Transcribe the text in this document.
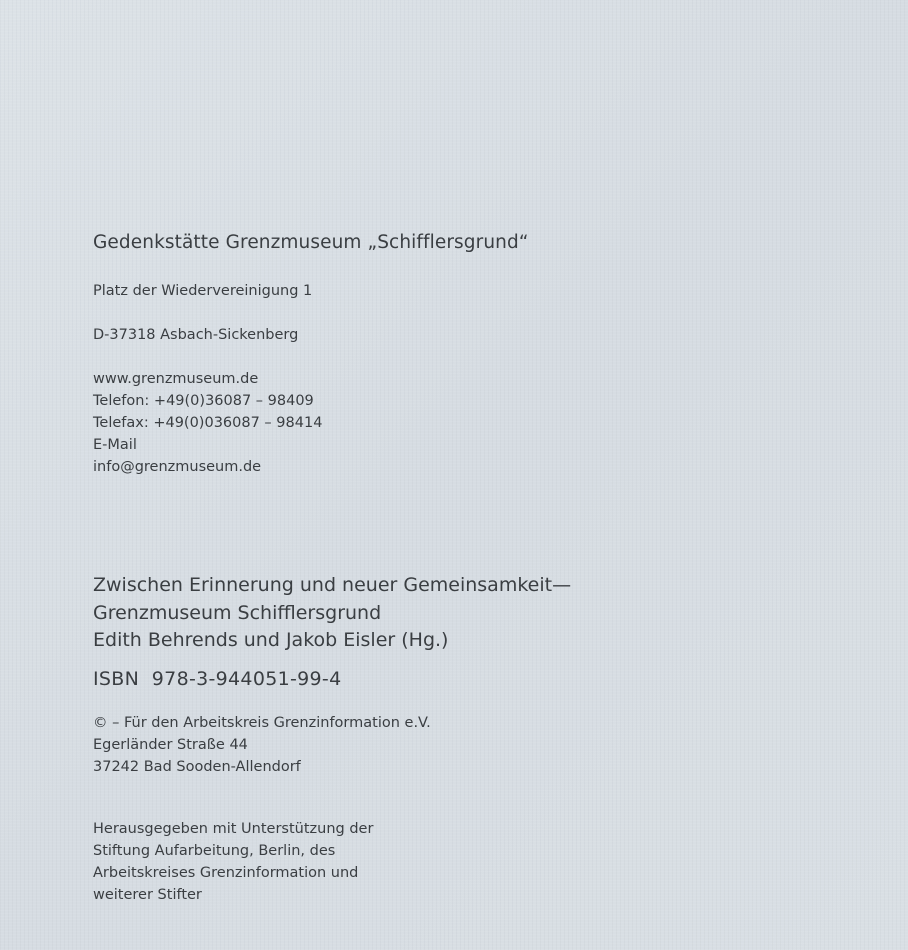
Gedenkstätte Grenzmuseum „Schifflersgrund“
Platz der Wiedervereinigung 1
D-37318 Asbach-Sickenberg
www.grenzmuseum.de
Telefon: +49(0)36087 – 98409
Telefax: +49(0)036087 – 98414
E-Mail
info@grenzmuseum.de
Zwischen Erinnerung und neuer Gemeinsamkeit—
Grenzmuseum Schifflersgrund
Edith Behrends und Jakob Eisler (Hg.)
ISBN  978-3-944051-99-4
© – Für den Arbeitskreis Grenzinformation e.V.
Egerländer Straße 44
37242 Bad Sooden-Allendorf
Herausgegeben mit Unterstützung der
Stiftung Aufarbeitung, Berlin, des
Arbeitskreises Grenzinformation und
weiterer Stifter
